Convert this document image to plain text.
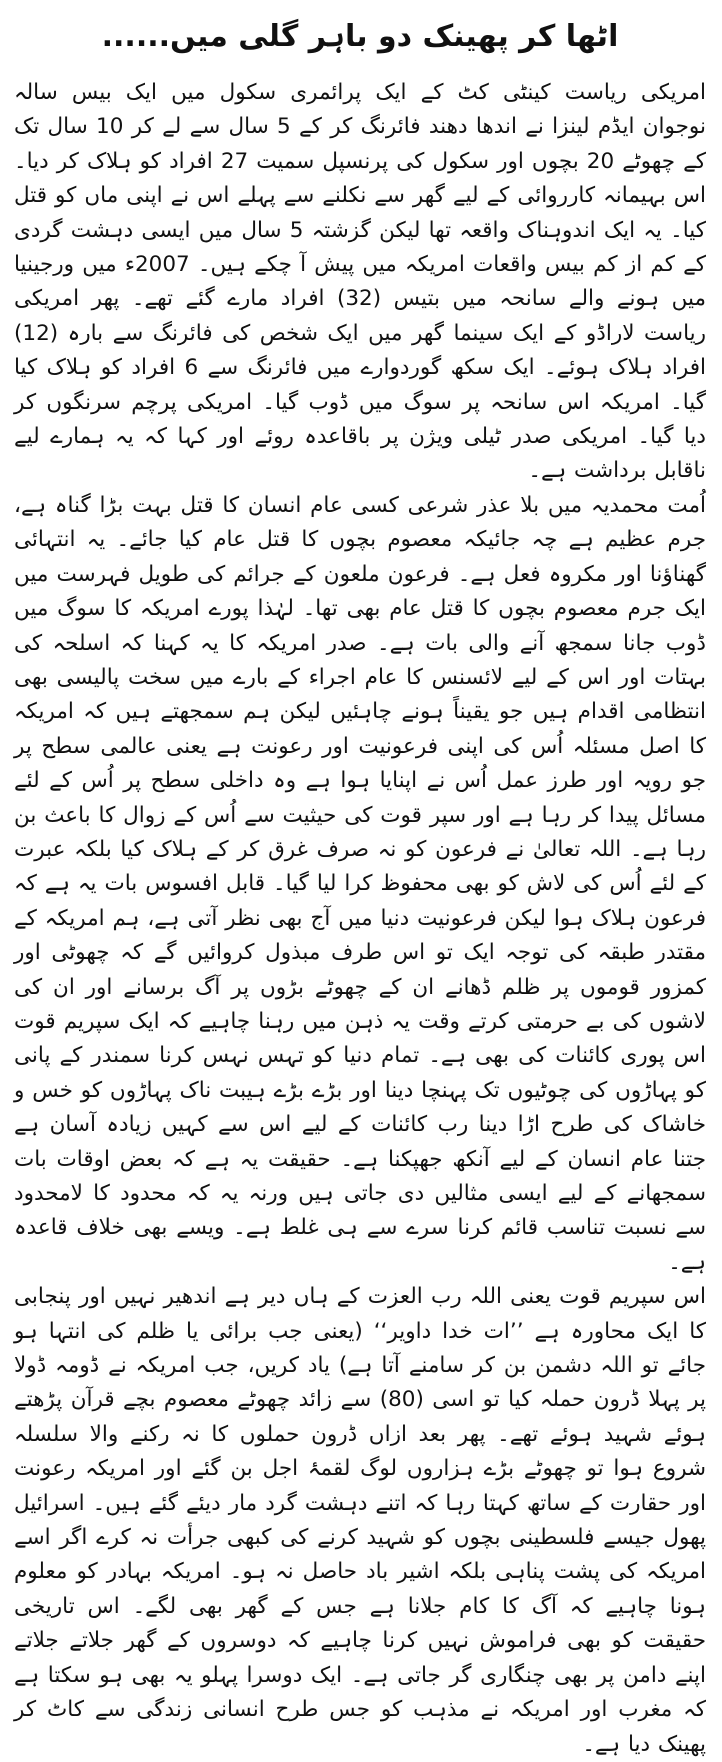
اٹھا کر پھینک دو باہر گلی میں......

امریکی ریاست کینٹی کٹ کے ایک پرائمری سکول میں ایک بیس سالہ نوجوان ایڈم لینزا نے اندھا دھند فائرنگ کر کے 5 سال سے لے کر 10 سال تک کے چھوٹے 20 بچوں اور سکول کی پرنسپل سمیت 27 افراد کو ہلاک کر دیا۔ اس بہیمانہ کارروائی کے لیے گھر سے نکلنے سے پہلے اس نے اپنی ماں کو قتل کیا۔ یہ ایک اندوہناک واقعہ تھا لیکن گزشتہ 5 سال میں ایسی دہشت گردی کے کم از کم بیس واقعات امریکہ میں پیش آ چکے ہیں۔ 2007ء میں ورجینیا میں ہونے والے سانحہ میں بتیس (32) افراد مارے گئے تھے۔ پھر امریکی ریاست لاراڈو کے ایک سینما گھر میں ایک شخص کی فائرنگ سے بارہ (12) افراد ہلاک ہوئے۔ ایک سکھ گوردوارے میں فائرنگ سے 6 افراد کو ہلاک کیا گیا۔ امریکہ اس سانحہ پر سوگ میں ڈوب گیا۔ امریکی پرچم سرنگوں کر دیا گیا۔ امریکی صدر ٹیلی ویژن پر باقاعدہ روئے اور کہا کہ یہ ہمارے لیے ناقابل برداشت ہے۔

اُمت محمدیہ میں بلا عذر شرعی کسی عام انسان کا قتل بہت بڑا گناہ ہے، جرم عظیم ہے چہ جائیکہ معصوم بچوں کا قتل عام کیا جائے۔ یہ انتہائی گھناؤنا اور مکروہ فعل ہے۔ فرعون ملعون کے جرائم کی طویل فہرست میں ایک جرم معصوم بچوں کا قتل عام بھی تھا۔ لہٰذا پورے امریکہ کا سوگ میں ڈوب جانا سمجھ آنے والی بات ہے۔ صدر امریکہ کا یہ کہنا کہ اسلحہ کی بہتات اور اس کے لیے لائسنس کا عام اجراء کے بارے میں سخت پالیسی بھی انتظامی اقدام ہیں جو یقیناً ہونے چاہئیں لیکن ہم سمجھتے ہیں کہ امریکہ کا اصل مسئلہ اُس کی اپنی فرعونیت اور رعونت ہے یعنی عالمی سطح پر جو رویہ اور طرز عمل اُس نے اپنایا ہوا ہے وہ داخلی سطح پر اُس کے لئے مسائل پیدا کر رہا ہے اور سپر قوت کی حیثیت سے اُس کے زوال کا باعث بن رہا ہے۔ اللہ تعالیٰ نے فرعون کو نہ صرف غرق کر کے ہلاک کیا بلکہ عبرت کے لئے اُس کی لاش کو بھی محفوظ کرا لیا گیا۔ قابل افسوس بات یہ ہے کہ فرعون ہلاک ہوا لیکن فرعونیت دنیا میں آج بھی نظر آتی ہے، ہم امریکہ کے مقتدر طبقہ کی توجہ ایک تو اس طرف مبذول کروائیں گے کہ چھوٹی اور کمزور قوموں پر ظلم ڈھانے ان کے چھوٹے بڑوں پر آگ برسانے اور ان کی لاشوں کی بے حرمتی کرتے وقت یہ ذہن میں رہنا چاہیے کہ ایک سپریم قوت اس پوری کائنات کی بھی ہے۔ تمام دنیا کو تہس نہس کرنا سمندر کے پانی کو پہاڑوں کی چوٹیوں تک پہنچا دینا اور بڑے بڑے ہیبت ناک پہاڑوں کو خس و خاشاک کی طرح اڑا دینا رب کائنات کے لیے اس سے کہیں زیادہ آسان ہے جتنا عام انسان کے لیے آنکھ جھپکنا ہے۔ حقیقت یہ ہے کہ بعض اوقات بات سمجھانے کے لیے ایسی مثالیں دی جاتی ہیں ورنہ یہ کہ محدود کا لامحدود سے نسبت تناسب قائم کرنا سرے سے ہی غلط ہے۔ ویسے بھی خلاف قاعدہ ہے۔

اس سپریم قوت یعنی اللہ رب العزت کے ہاں دیر ہے اندھیر نہیں اور پنجابی کا ایک محاورہ ہے ’’ات خدا داویر‘‘ (یعنی جب برائی یا ظلم کی انتہا ہو جائے تو اللہ دشمن بن کر سامنے آتا ہے) یاد کریں، جب امریکہ نے ڈومہ ڈولا پر پہلا ڈرون حملہ کیا تو اسی (80) سے زائد چھوٹے معصوم بچے قرآن پڑھتے ہوئے شہید ہوئے تھے۔ پھر بعد ازاں ڈرون حملوں کا نہ رکنے والا سلسلہ شروع ہوا تو چھوٹے بڑے ہزاروں لوگ لقمۂ اجل بن گئے اور امریکہ رعونت اور حقارت کے ساتھ کہتا رہا کہ اتنے دہشت گرد مار دیئے گئے ہیں۔ اسرائیل پھول جیسے فلسطینی بچوں کو شہید کرنے کی کبھی جرأت نہ کرے اگر اسے امریکہ کی پشت پناہی بلکہ اشیر باد حاصل نہ ہو۔ امریکہ بہادر کو معلوم ہونا چاہیے کہ آگ کا کام جلانا ہے جس کے گھر بھی لگے۔ اس تاریخی حقیقت کو بھی فراموش نہیں کرنا چاہیے کہ دوسروں کے گھر جلاتے جلاتے اپنے دامن پر بھی چنگاری گر جاتی ہے۔ ایک دوسرا پہلو یہ بھی ہو سکتا ہے کہ مغرب اور امریکہ نے مذہب کو جس طرح انسانی زندگی سے کاٹ کر پھینک دیا ہے۔
